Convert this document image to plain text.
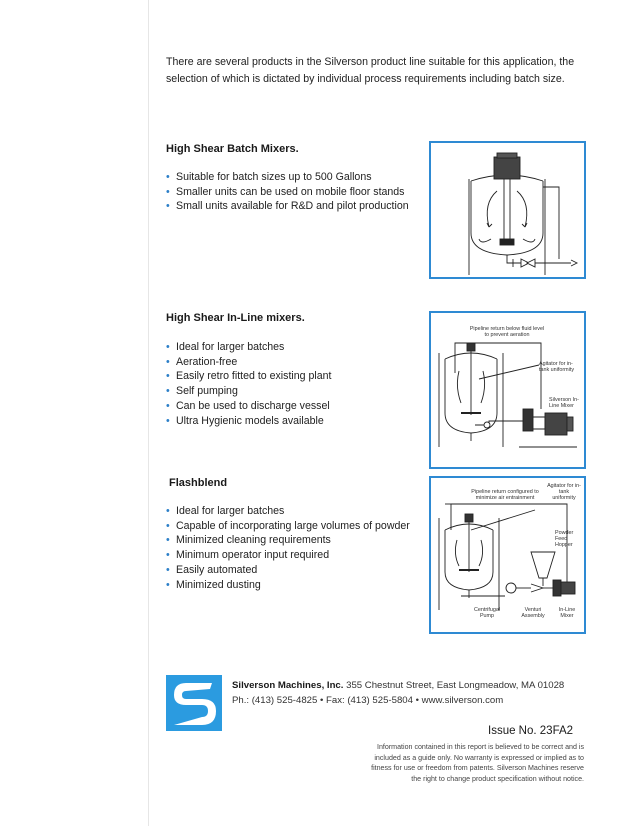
There are several products in the Silverson product line suitable for this application, the selection of which is dictated by individual process requirements including batch size.

High Shear Batch Mixers.
• Suitable for batch sizes up to 500 Gallons
• Smaller units can be used on mobile floor stands
• Small units available for R&D and pilot production
High Shear In-Line mixers.
• Ideal for larger batches
• Aeration-free
• Easily retro fitted to existing plant
• Self pumping
• Can be used to discharge vessel
• Ultra Hygienic models available
Pipeline return below fluid level to prevent aeration
Agitator for in-tank uniformity
Silverson In-Line Mixer
Flashblend
• Ideal for larger batches
• Capable of incorporating large volumes of powder
• Minimized cleaning requirements
• Minimum operator input required
• Easily automated
• Minimized dusting
Pipeline return configured to minimize air entrainment
Agitator for in-tank uniformity
Powder Feed Hopper
Centrifugal Pump
Venturi Assembly
In-Line Mixer
Silverson Machines, Inc. 355 Chestnut Street, East Longmeadow, MA 01028
Ph.: (413) 525-4825 • Fax: (413) 525-5804 • www.silverson.com
Issue No. 23FA2
Information contained in this report is believed to be correct and is included as a guide only. No warranty is expressed or implied as to fitness for use or freedom from patents. Silverson Machines reserve the right to change product specification without notice.
